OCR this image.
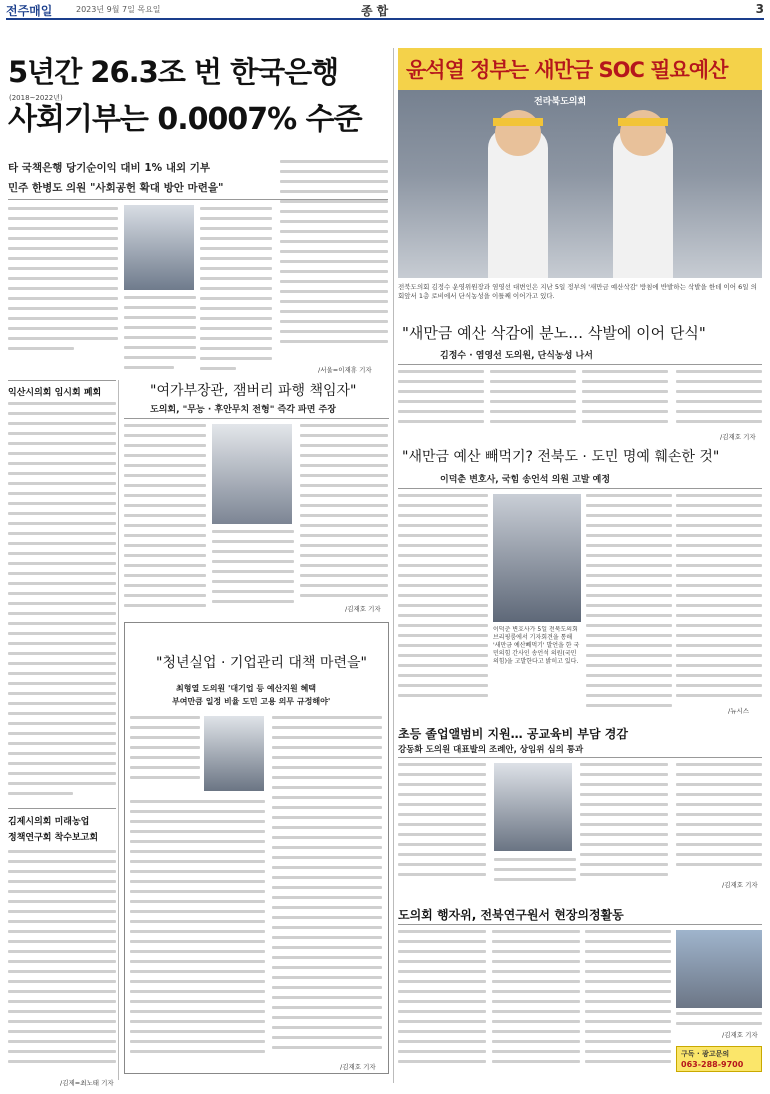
전주매일	2023년 9월 7일 목요일	종합	3
5년간 26.3조 번 한국은행
(2018~2022년)
사회기부는 0.0007% 수준
타 국책은행 당기순이익 대비 1% 내외 기부
민주 한병도 의원 "사회공헌 확대 방안 마련을"
/서울=이재휴 기자
익산시의회 임시회 폐회
김제시의회 미래농업
정책연구회 착수보고회
/김제=최노태 기자
"여가부장관, 잼버리 파행 책임자"
도의회, "무능 · 후안무치 전형" 즉각 파면 주장
/김재호 기자
"청년실업 · 기업관리 대책 마련을"
최형열 도의원 '대기업 등 예산지원 혜택
부여만큼 일정 비율 도민 고용 의무 규정해야'
/김재호 기자
윤석열 정부는 새만금 SOC 필요예산
전라북도의회
전북도의회 김정수 운영위원장과 염영선 대변인은 지난 5일 정부의 '새만금 예산삭감' 방침에 반발하는 삭발을 한데 이어 6일 의회앞서 1층 로비에서 단식농성을 이틀째 이어가고 있다.
"새만금 예산 삭감에 분노… 삭발에 이어 단식"
김정수 · 염영선 도의원, 단식농성 나서
/김재호 기자
"새만금 예산 빼먹기? 전북도 · 도민 명예 훼손한 것"
이덕춘 변호사, 국힘 송언석 의원 고발 예정
이덕춘 변호사가 5일 전북도의회 브리핑룸에서 기자회견을 통해 '새만금 예산빼먹기' 발언을 한 국민의힘 간사인 송언석 의원(국민의힘)을 고발한다고 밝히고 있다.
/뉴시스
초등 졸업앨범비 지원… 공교육비 부담 경감
강동화 도의원 대표발의 조례안, 상임위 심의 통과
/김재호 기자
도의회 행자위, 전북연구원서 현장의정활동
/김재호 기자
구독 · 광고문의
063-288-9700
